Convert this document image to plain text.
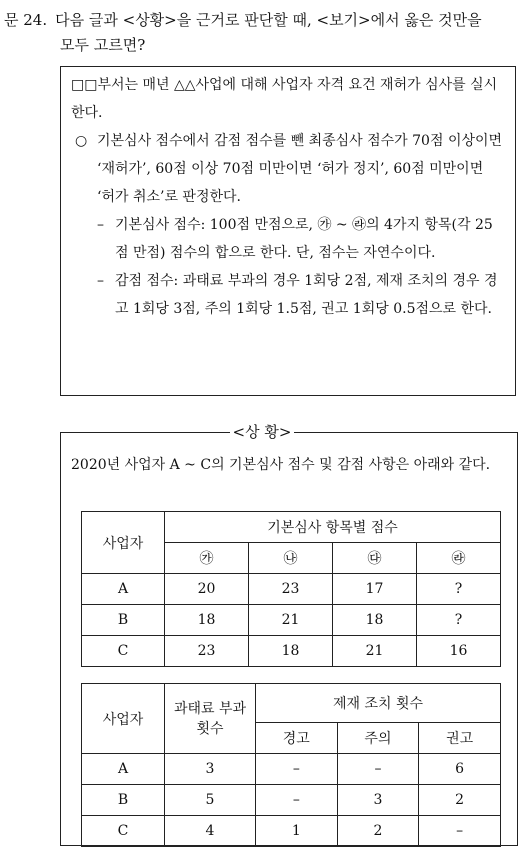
문 24. 다음 글과 <상황>을 근거로 판단할 때, <보기>에서 옳은 것만을
모두 고르면?

□□부서는 매년 △△사업에 대해 사업자 자격 요건 재허가 심사를 실시한다.

○ 기본심사 점수에서 감점 점수를 뺀 최종심사 점수가 70점 이상이면 ‘재허가’, 60점 이상 70점 미만이면 ‘허가 정지’, 60점 미만이면 ‘허가 취소’로 판정한다.

– 기본심사 점수: 100점 만점으로, ㉮ ~ ㉱의 4가지 항목(각 25점 만점) 점수의 합으로 한다. 단, 점수는 자연수이다.

– 감점 점수: 과태료 부과의 경우 1회당 2점, 제재 조치의 경우 경고 1회당 3점, 주의 1회당 1.5점, 권고 1회당 0.5점으로 한다.

<상 황>

2020년 사업자 A ~ C의 기본심사 점수 및 감점 사항은 아래와 같다.

사업자	기본심사 항목별 점수			
	㉮	㉯	㉰	㉱
A	20	23	17	?
B	18	21	18	?
C	23	18	21	16
사업자	과태료 부과 횟수	제재 조치 횟수		
		경고	주의	권고
A	3	–	–	6
B	5	–	3	2
C	4	1	2	–
